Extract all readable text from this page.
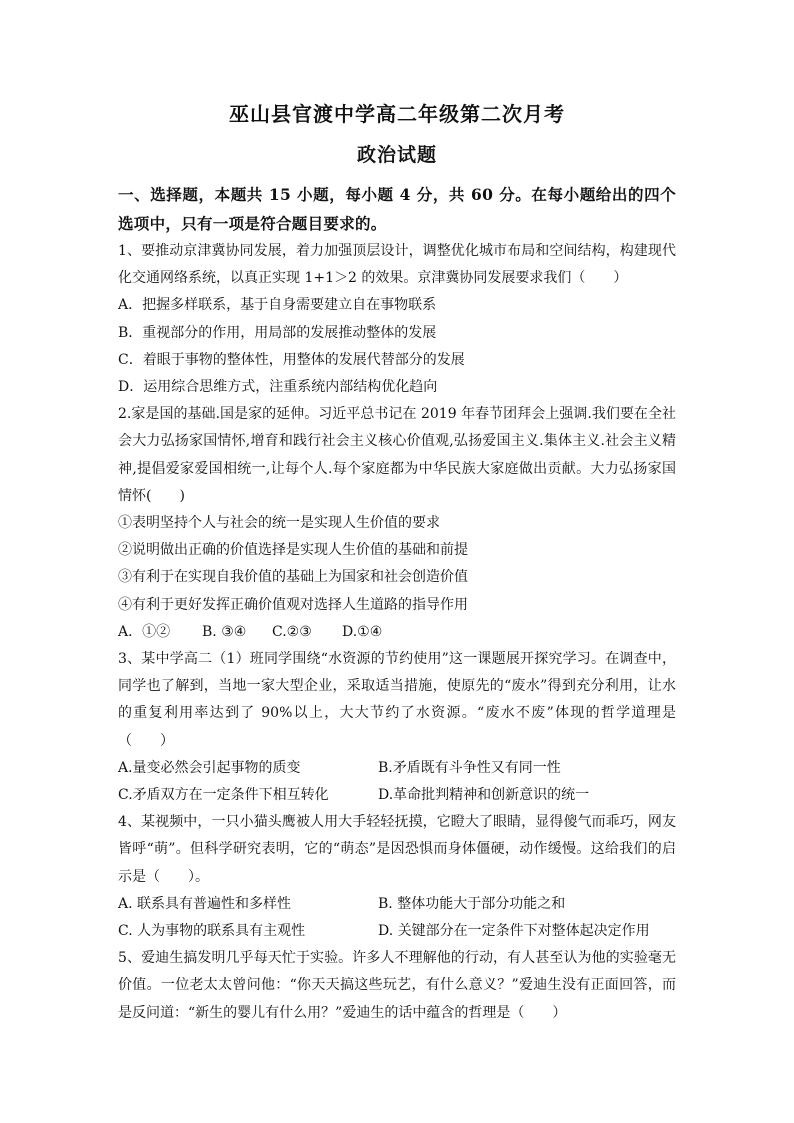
巫山县官渡中学高二年级第二次月考
政治试题

一、选择题，本题共 15 小题，每小题 4 分，共 60 分。在每小题给出的四个选项中，只有一项是符合题目要求的。

1、要推动京津冀协同发展，着力加强顶层设计，调整优化城市布局和空间结构，构建现代化交通网络系统，以真正实现 1+1＞2 的效果。京津冀协同发展要求我们（　　）

A．把握多样联系，基于自身需要建立自在事物联系

B．重视部分的作用，用局部的发展推动整体的发展

C．着眼于事物的整体性，用整体的发展代替部分的发展

D．运用综合思维方式，注重系统内部结构优化趋向

2.家是国的基础.国是家的延伸。习近平总书记在 2019 年春节团拜会上强调.我们要在全社会大力弘扬家国情怀,增育和践行社会主义核心价值观,弘扬爱国主义.集体主义.社会主义精神,提倡爱家爱国相统一,让每个人.每个家庭都为中华民族大家庭做出贡献。大力弘扬家国情怀(　　)

①表明坚持个人与社会的统一是实现人生价值的要求

②说明做出正确的价值选择是实现人生价值的基础和前提

③有利于在实现自我价值的基础上为国家和社会创造价值

④有利于更好发挥正确价值观对选择人生道路的指导作用

A．①②	B. ③④	C.②③	D.①④

3、某中学高二（1）班同学围绕“水资源的节约使用”这一课题展开探究学习。在调查中，同学也了解到，当地一家大型企业，采取适当措施，使原先的“废水”得到充分利用，让水的重复利用率达到了 90%以上，大大节约了水资源。“废水不废”体现的哲学道理是（　　）

A.量变必然会引起事物的质变	B.矛盾既有斗争性又有同一性
C.矛盾双方在一定条件下相互转化	D.革命批判精神和创新意识的统一

4、某视频中，一只小猫头鹰被人用大手轻轻抚摸，它瞪大了眼睛，显得傻气而乖巧，网友皆呼“萌”。但科学研究表明，它的“萌态”是因恐惧而身体僵硬，动作缓慢。这给我们的启示是（　　）。

A. 联系具有普遍性和多样性	B. 整体功能大于部分功能之和
C. 人为事物的联系具有主观性	D. 关键部分在一定条件下对整体起决定作用

5、爱迪生搞发明几乎每天忙于实验。许多人不理解他的行动，有人甚至认为他的实验毫无价值。一位老太太曾问他：“你天天搞这些玩艺，有什么意义？”爱迪生没有正面回答，而是反问道：“新生的婴儿有什么用？”爱迪生的话中蕴含的哲理是（　　）
